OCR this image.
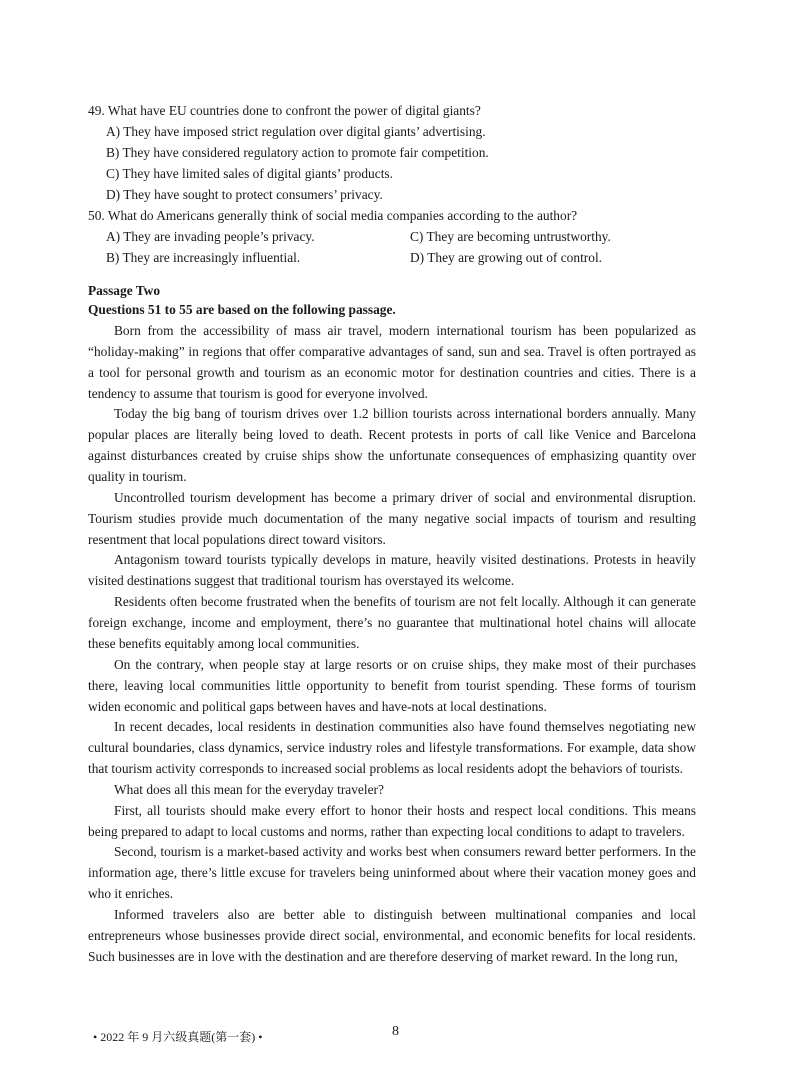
49. What have EU countries done to confront the power of digital giants?
A) They have imposed strict regulation over digital giants’ advertising.
B) They have considered regulatory action to promote fair competition.
C) They have limited sales of digital giants’ products.
D) They have sought to protect consumers’ privacy.
50. What do Americans generally think of social media companies according to the author?
A) They are invading people’s privacy.	C) They are becoming untrustworthy.
B) They are increasingly influential.	D) They are growing out of control.
Passage Two
Questions 51 to 55 are based on the following passage.

Born from the accessibility of mass air travel, modern international tourism has been popularized as “holiday-making” in regions that offer comparative advantages of sand, sun and sea. Travel is often portrayed as a tool for personal growth and tourism as an economic motor for destination countries and cities. There is a tendency to assume that tourism is good for everyone involved.

Today the big bang of tourism drives over 1.2 billion tourists across international borders annually. Many popular places are literally being loved to death. Recent protests in ports of call like Venice and Barcelona against disturbances created by cruise ships show the unfortunate consequences of emphasizing quantity over quality in tourism.

Uncontrolled tourism development has become a primary driver of social and environmental disruption. Tourism studies provide much documentation of the many negative social impacts of tourism and resulting resentment that local populations direct toward visitors.

Antagonism toward tourists typically develops in mature, heavily visited destinations. Protests in heavily visited destinations suggest that traditional tourism has overstayed its welcome.

Residents often become frustrated when the benefits of tourism are not felt locally. Although it can generate foreign exchange, income and employment, there’s no guarantee that multinational hotel chains will allocate these benefits equitably among local communities.

On the contrary, when people stay at large resorts or on cruise ships, they make most of their purchases there, leaving local communities little opportunity to benefit from tourist spending. These forms of tourism widen economic and political gaps between haves and have-nots at local destinations.

In recent decades, local residents in destination communities also have found themselves negotiating new cultural boundaries, class dynamics, service industry roles and lifestyle transformations. For example, data show that tourism activity corresponds to increased social problems as local residents adopt the behaviors of tourists.

What does all this mean for the everyday traveler?

First, all tourists should make every effort to honor their hosts and respect local conditions. This means being prepared to adapt to local customs and norms, rather than expecting local conditions to adapt to travelers.

Second, tourism is a market-based activity and works best when consumers reward better performers. In the information age, there’s little excuse for travelers being uninformed about where their vacation money goes and who it enriches.

Informed travelers also are better able to distinguish between multinational companies and local entrepreneurs whose businesses provide direct social, environmental, and economic benefits for local residents. Such businesses are in love with the destination and are therefore deserving of market reward. In the long run,

• 2022 年 9 月六级真题(第一套) •	8
